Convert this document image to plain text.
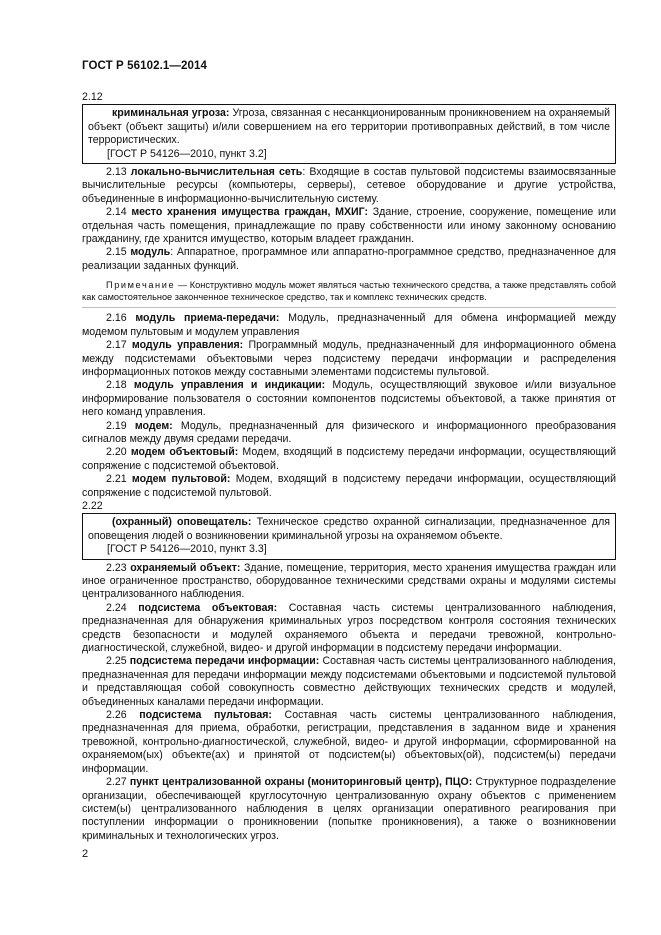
ГОСТ Р 56102.1—2014

2.12

криминальная угроза: Угроза, связанная с несанкционированным проникновением на охраняемый объект (объект защиты) и/или совершением на его территории противоправных действий, в том числе террористических.

[ГОСТ Р 54126—2010, пункт 3.2]

2.13 локально-вычислительная сеть: Входящие в состав пультовой подсистемы взаимосвязанные вычислительные ресурсы (компьютеры, серверы), сетевое оборудование и другие устройства, объединенные в информационно-вычислительную систему.

2.14 место хранения имущества граждан, МХИГ: Здание, строение, сооружение, помещение или отдельная часть помещения, принадлежащие по праву собственности или иному законному основанию гражданину, где хранится имущество, которым владеет гражданин.

2.15 модуль: Аппаратное, программное или аппаратно-программное средство, предназначенное для реализации заданных функций.

Примечание — Конструктивно модуль может являться частью технического средства, а также представлять собой как самостоятельное законченное техническое средство, так и комплекс технических средств.

2.16 модуль приема-передачи: Модуль, предназначенный для обмена информацией между модемом пультовым и модулем управления

2.17 модуль управления: Программный модуль, предназначенный для информационного обмена между подсистемами объектовыми через подсистему передачи информации и распределения информационных потоков между составными элементами подсистемы пультовой.

2.18 модуль управления и индикации: Модуль, осуществляющий звуковое и/или визуальное информирование пользователя о состоянии компонентов подсистемы объектовой, а также принятия от него команд управления.

2.19 модем: Модуль, предназначенный для физического и информационного преобразования сигналов между двумя средами передачи.

2.20 модем объектовый: Модем, входящий в подсистему передачи информации, осуществляющий сопряжение с подсистемой объектовой.

2.21 модем пультовой: Модем, входящий в подсистему передачи информации, осуществляющий сопряжение с подсистемой пультовой.

2.22

(охранный) оповещатель: Техническое средство охранной сигнализации, предназначенное для оповещения людей о возникновении криминальной угрозы на охраняемом объекте.

[ГОСТ Р 54126—2010, пункт 3.3]

2.23 охраняемый объект: Здание, помещение, территория, место хранения имущества граждан или иное ограниченное пространство, оборудованное техническими средствами охраны и модулями системы централизованного наблюдения.

2.24 подсистема объектовая: Составная часть системы централизованного наблюдения, предназначенная для обнаружения криминальных угроз посредством контроля состояния технических средств безопасности и модулей охраняемого объекта и передачи тревожной, контрольно-диагностической, служебной, видео- и другой информации в подсистему передачи информации.

2.25 подсистема передачи информации: Составная часть системы централизованного наблюдения, предназначенная для передачи информации между подсистемами объектовыми и подсистемой пультовой и представляющая собой совокупность совместно действующих технических средств и модулей, объединенных каналами передачи информации.

2.26 подсистема пультовая: Составная часть системы централизованного наблюдения, предназначенная для приема, обработки, регистрации, представления в заданном виде и хранения тревожной, контрольно-диагностической, служебной, видео- и другой информации, сформированной на охраняемом(ых) объекте(ах) и принятой от подсистем(ы) объектовых(ой), подсистем(ы) передачи информации.

2.27 пункт централизованной охраны (мониторинговый центр), ПЦО: Структурное подразделение организации, обеспечивающей круглосуточную централизованную охрану объектов с применением систем(ы) централизованного наблюдения в целях организации оперативного реагирования при поступлении информации о проникновении (попытке проникновения), а также о возникновении криминальных и технологических угроз.

2
